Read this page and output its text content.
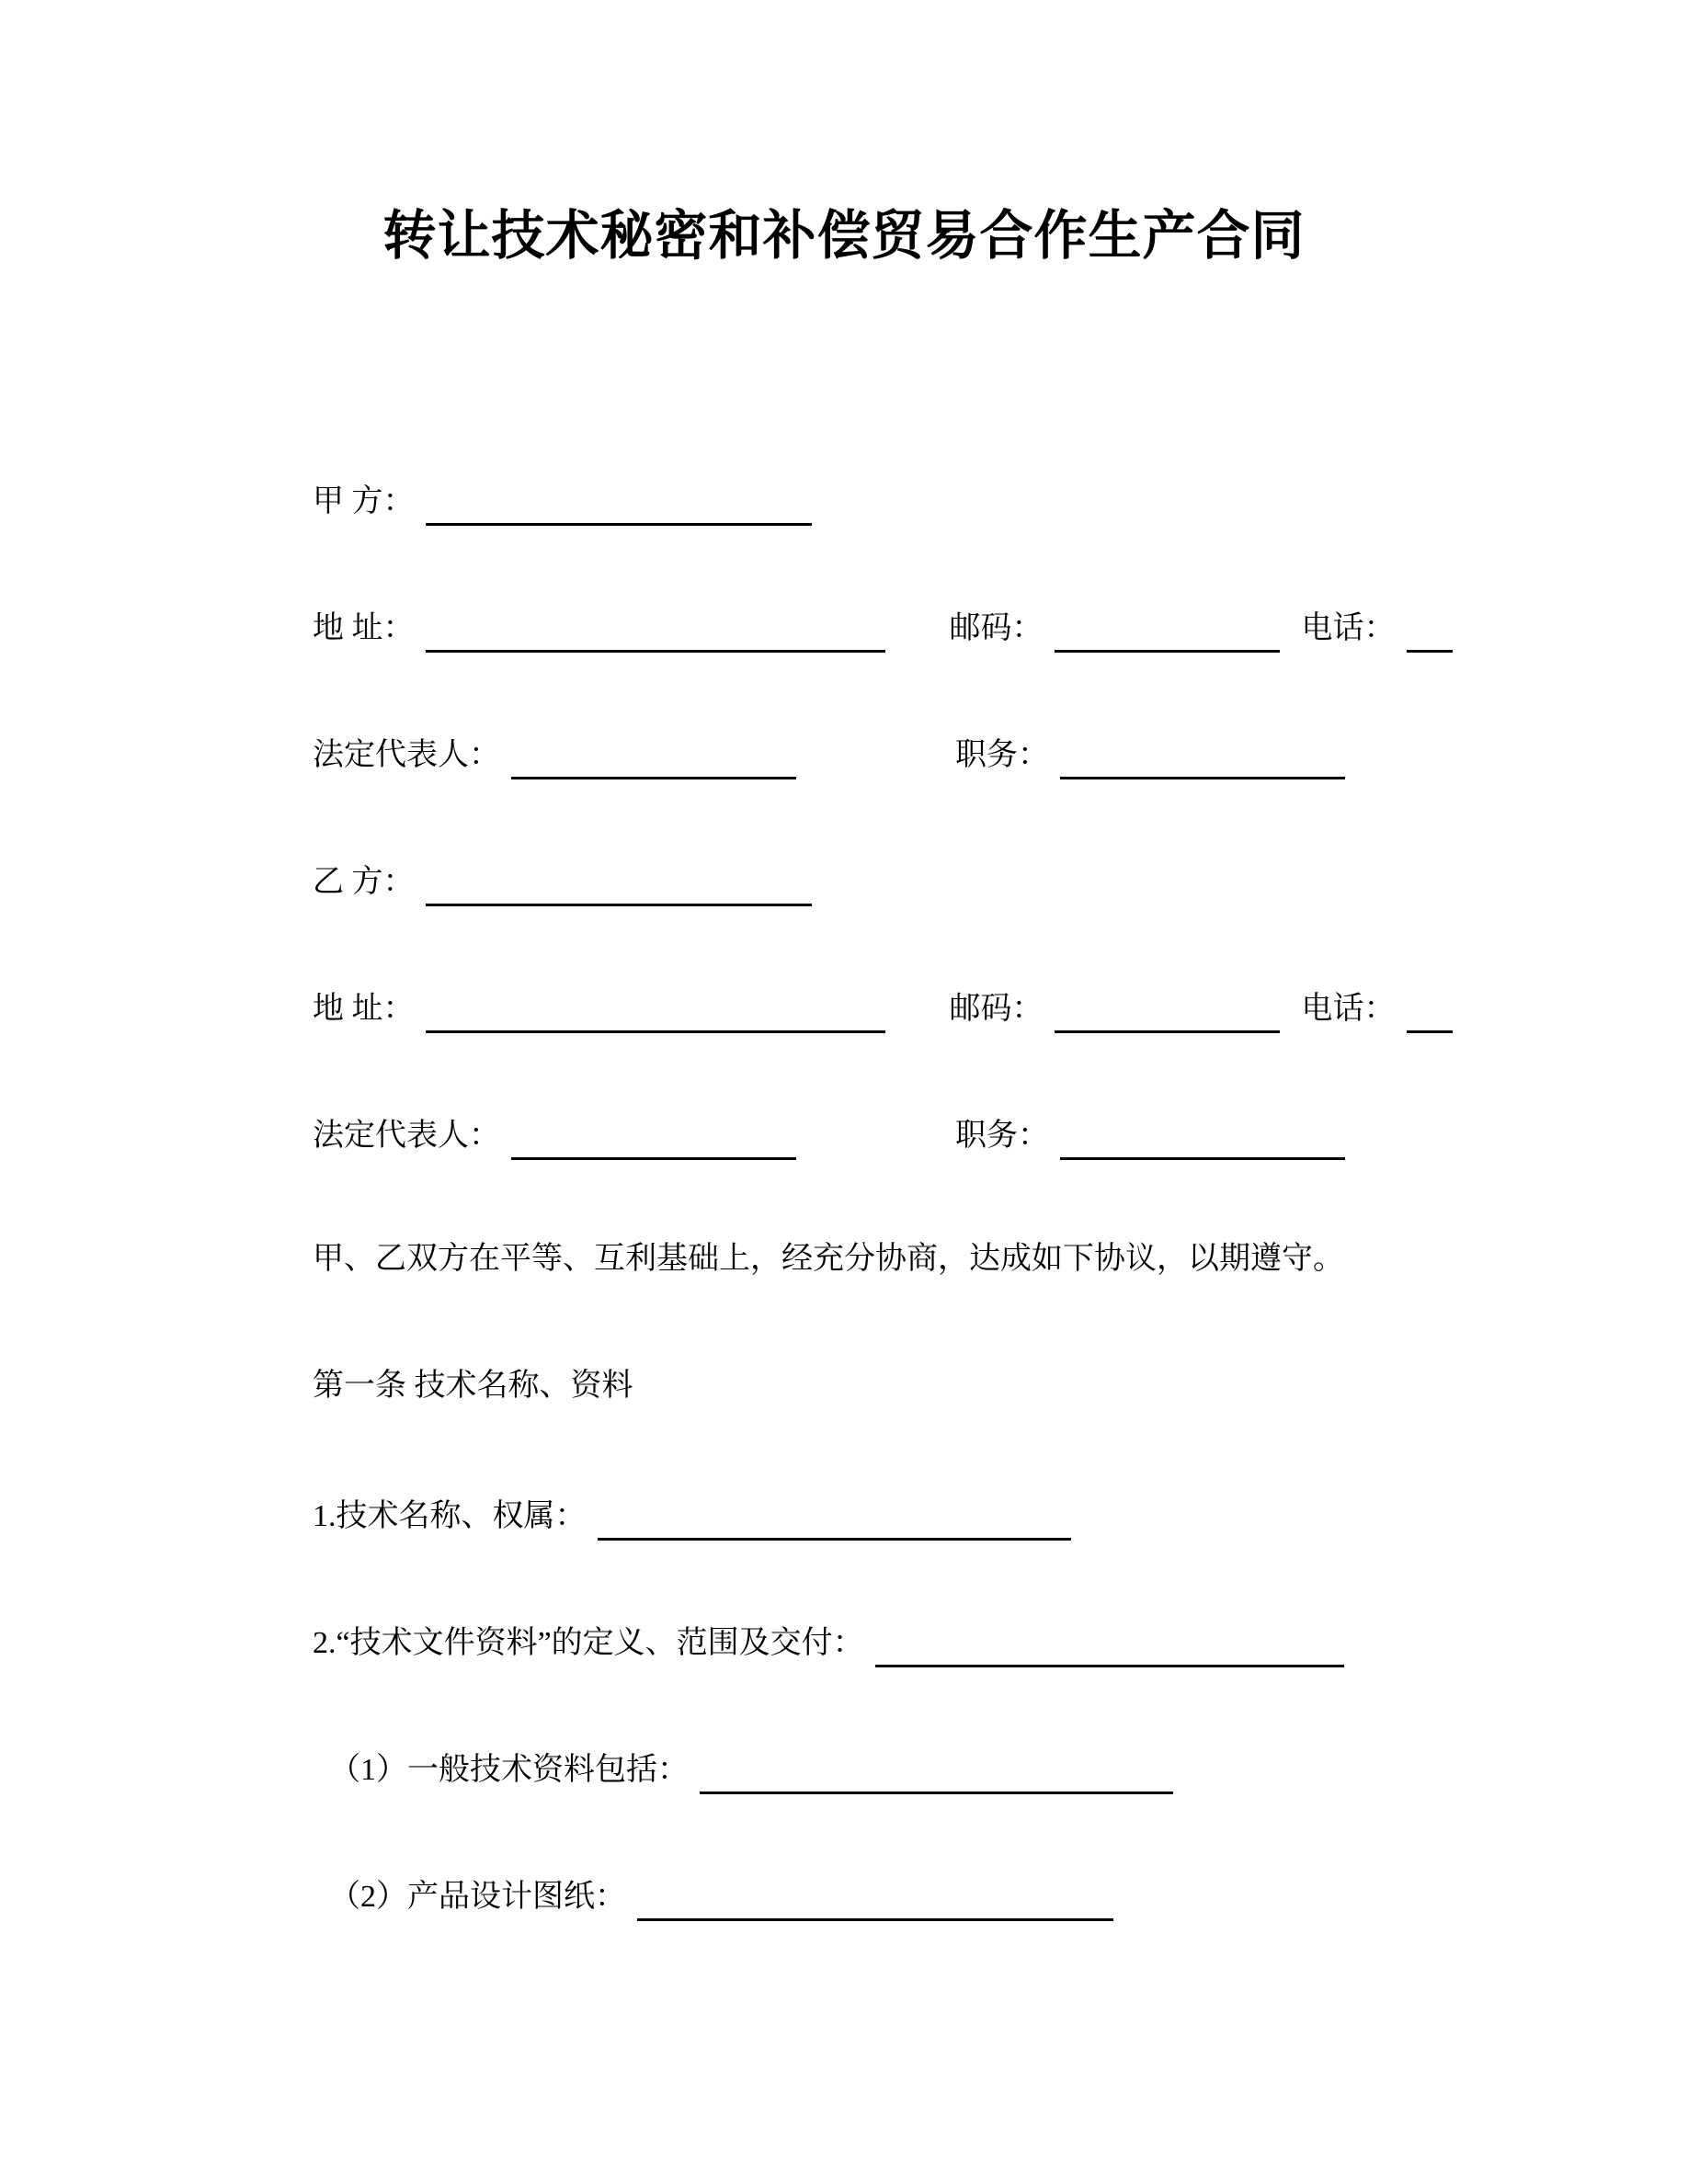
转让技术秘密和补偿贸易合作生产合同
甲 方：
地 址：	邮码：	电话：
法定代表人：	职务：
乙 方：
地 址：	邮码：	电话：
法定代表人：	职务：
甲、乙双方在平等、互利基础上，经充分协商，达成如下协议，以期遵守。
第一条 技术名称、资料
1.技术名称、权属：
2.“技术文件资料”的定义、范围及交付：
（1）一般技术资料包括：
（2）产品设计图纸：
